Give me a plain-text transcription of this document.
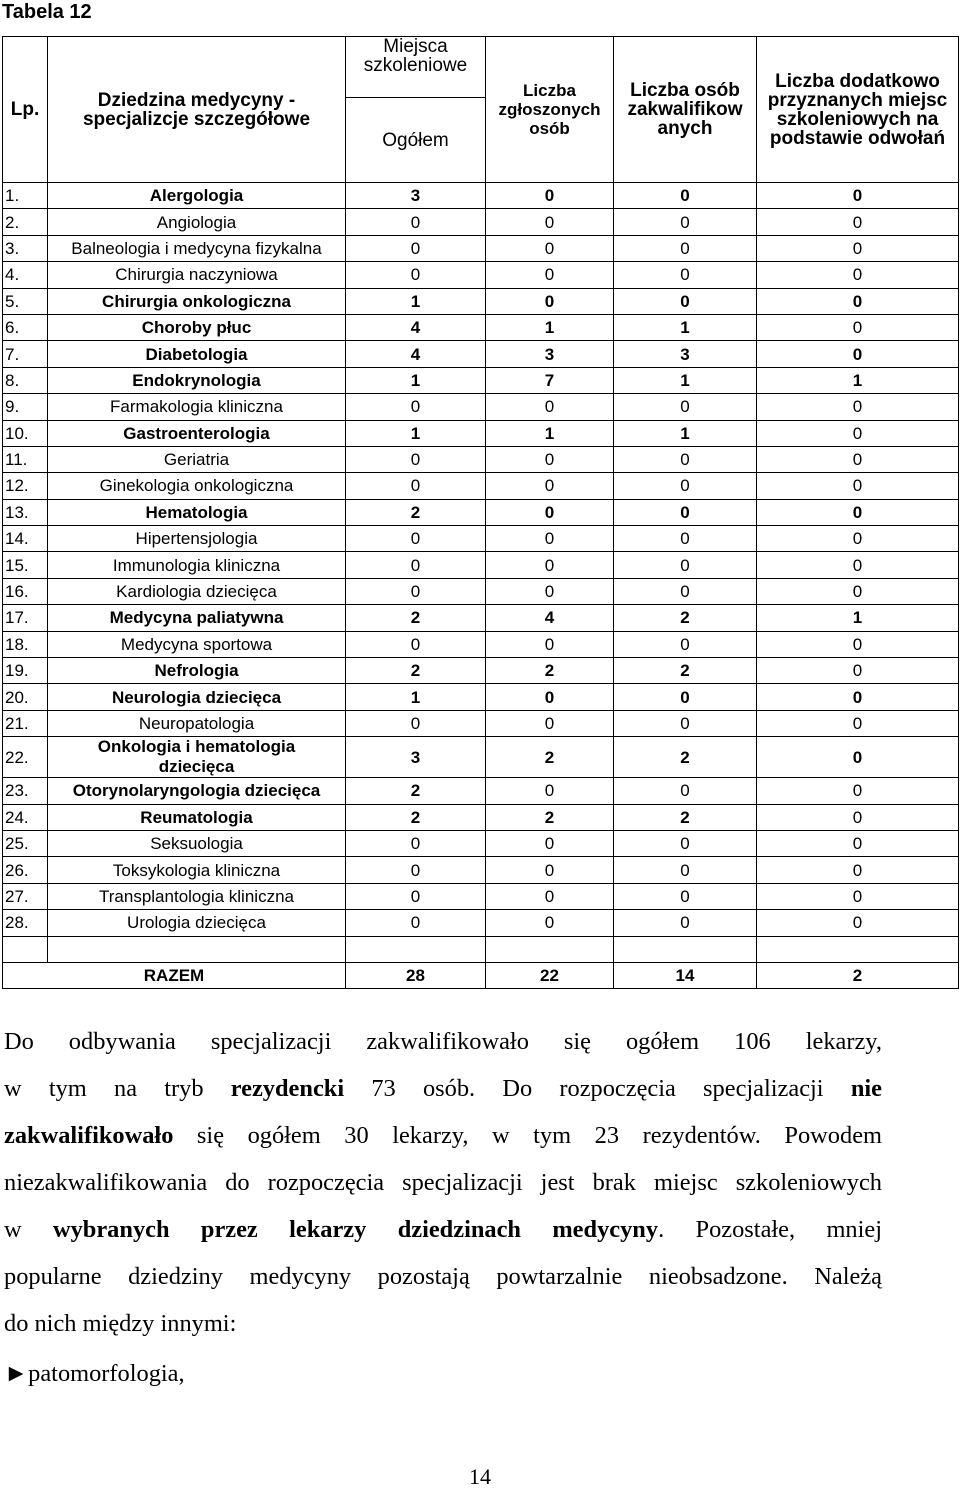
Tabela 12
Lp.	Dziedzina medycyny - specjalizcje szczegółowe	Miejsca szkoleniowe	Liczba zgłoszonych osób	Liczba osób zakwalifikow anych	Liczba dodatkowo przyznanych miejsc szkoleniowych na podstawie odwołań
		Ogółem			
1.	Alergologia	3	0	0	0
2.	Angiologia	0	0	0	0
3.	Balneologia i medycyna fizykalna	0	0	0	0
4.	Chirurgia naczyniowa	0	0	0	0
5.	Chirurgia onkologiczna	1	0	0	0
6.	Choroby płuc	4	1	1	0
7.	Diabetologia	4	3	3	0
8.	Endokrynologia	1	7	1	1
9.	Farmakologia kliniczna	0	0	0	0
10.	Gastroenterologia	1	1	1	0
11.	Geriatria	0	0	0	0
12.	Ginekologia onkologiczna	0	0	0	0
13.	Hematologia	2	0	0	0
14.	Hipertensjologia	0	0	0	0
15.	Immunologia kliniczna	0	0	0	0
16.	Kardiologia dziecięca	0	0	0	0
17.	Medycyna paliatywna	2	4	2	1
18.	Medycyna sportowa	0	0	0	0
19.	Nefrologia	2	2	2	0
20.	Neurologia dziecięca	1	0	0	0
21.	Neuropatologia	0	0	0	0
22.	Onkologia i hematologia dziecięca	3	2	2	0
23.	Otorynolaryngologia dziecięca	2	0	0	0
24.	Reumatologia	2	2	2	0
25.	Seksuologia	0	0	0	0
26.	Toksykologia kliniczna	0	0	0	0
27.	Transplantologia kliniczna	0	0	0	0
28.	Urologia dziecięca	0	0	0	0

RAZEM		28	22	14	2
Do odbywania specjalizacji zakwalifikowało się ogółem 106 lekarzy,
w tym na tryb rezydencki 73 osób. Do rozpoczęcia specjalizacji nie
zakwalifikowało się ogółem 30 lekarzy, w tym 23 rezydentów. Powodem
niezakwalifikowania do rozpoczęcia specjalizacji jest brak miejsc szkoleniowych
w wybranych przez lekarzy dziedzinach medycyny. Pozostałe, mniej
popularne dziedziny medycyny pozostają powtarzalnie nieobsadzone. Należą
do nich między innymi:
►patomorfologia,
14
